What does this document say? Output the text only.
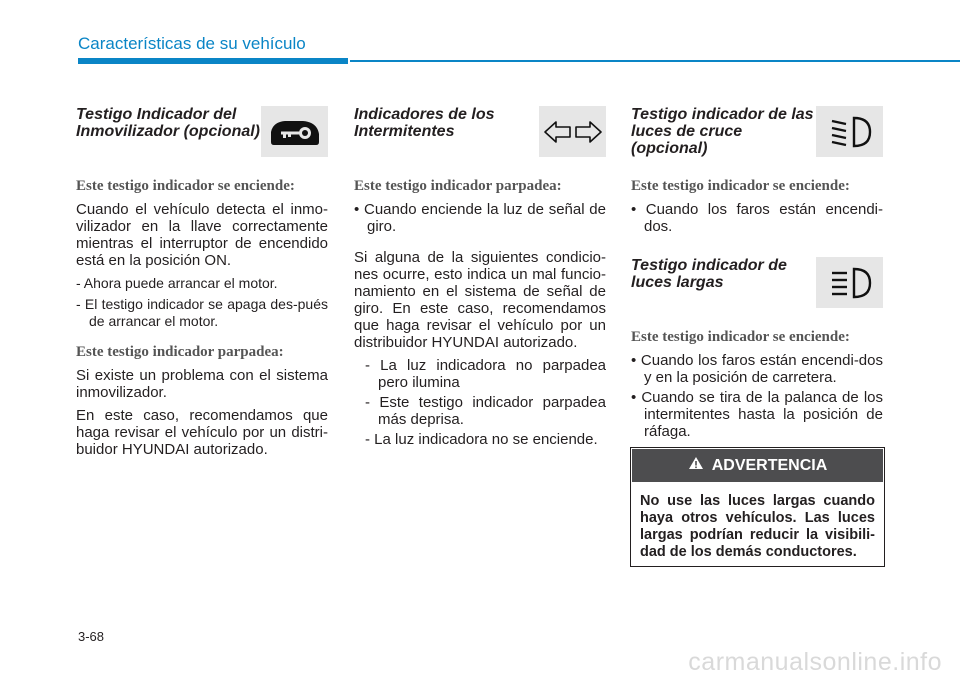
Características de su vehículo
Testigo Indicador del Inmovilizador (opcional)
Este testigo indicador se enciende:

Cuando el vehículo detecta el inmo-vilizador en la llave correctamente mientras el interruptor de encendido está en la posición ON.

- Ahora puede arrancar el motor.
- El testigo indicador se apaga des-pués de arrancar el motor.
Este testigo indicador parpadea:

Si existe un problema con el sistema inmovilizador.

En este caso, recomendamos que haga revisar el vehículo por un distri-buidor HYUNDAI autorizado.

Indicadores de los Intermitentes
Este testigo indicador parpadea:
• Cuando enciende la luz de señal de giro.

Si alguna de la siguientes condicio-nes ocurre, esto indica un mal funcio-namiento en el sistema de señal de giro. En este caso, recomendamos que haga revisar el vehículo por un distribuidor HYUNDAI autorizado.

- La luz indicadora no parpadea pero ilumina
- Este testigo indicador parpadea más deprisa.
- La luz indicadora no se enciende.
Testigo indicador de las luces de cruce (opcional)
Este testigo indicador se enciende:
• Cuando los faros están encendi-dos.
Testigo indicador de luces largas
Este testigo indicador se enciende:
• Cuando los faros están encendi-dos y en la posición de carretera.
• Cuando se tira de la palanca de los intermitentes hasta la posición de ráfaga.
ADVERTENCIA
No use las luces largas cuando haya otros vehículos. Las luces largas podrían reducir la visibili-dad de los demás conductores.
3-68
carmanualsonline.info
